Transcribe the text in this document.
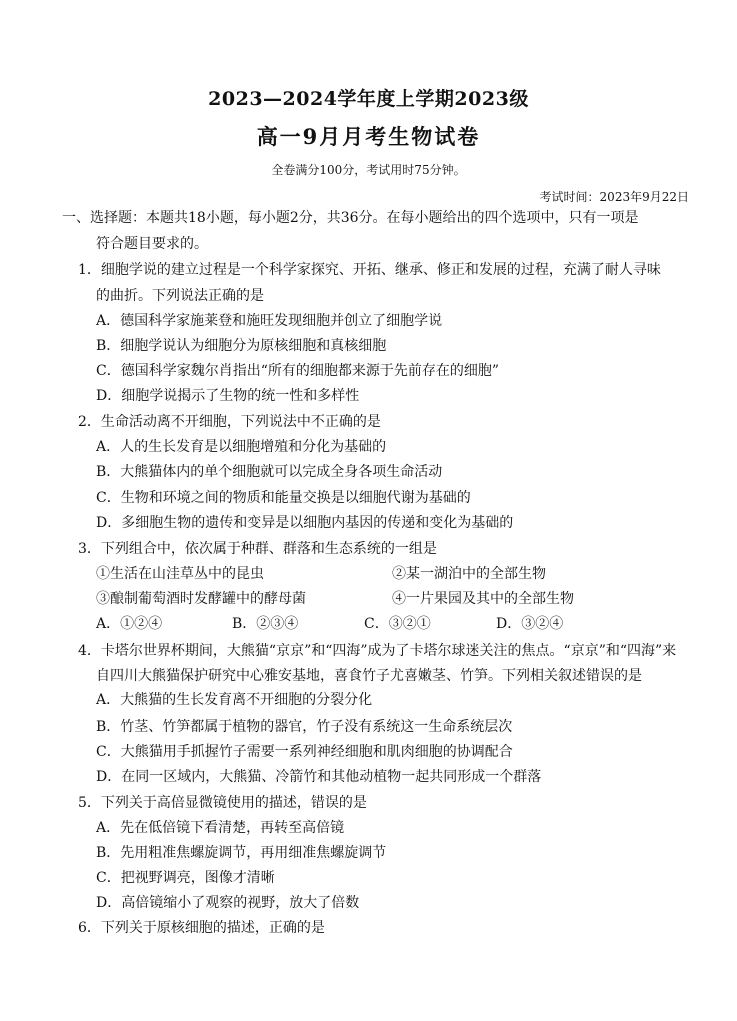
2023—2024学年度上学期2023级
高一9月月考生物试卷
全卷满分100分，考试用时75分钟。
考试时间：2023年9月22日
一、选择题：本题共18小题，每小题2分，共36分。在每小题给出的四个选项中，只有一项是
符合题目要求的。
1．细胞学说的建立过程是一个科学家探究、开拓、继承、修正和发展的过程，充满了耐人寻味
的曲折。下列说法正确的是
A．德国科学家施莱登和施旺发现细胞并创立了细胞学说
B．细胞学说认为细胞分为原核细胞和真核细胞
C．德国科学家魏尔肖指出“所有的细胞都来源于先前存在的细胞”
D．细胞学说揭示了生物的统一性和多样性
2．生命活动离不开细胞，下列说法中不正确的是
A．人的生长发育是以细胞增殖和分化为基础的
B．大熊猫体内的单个细胞就可以完成全身各项生命活动
C．生物和环境之间的物质和能量交换是以细胞代谢为基础的
D．多细胞生物的遗传和变异是以细胞内基因的传递和变化为基础的
3．下列组合中，依次属于种群、群落和生态系统的一组是
①生活在山洼草丛中的昆虫	②某一湖泊中的全部生物
③酿制葡萄酒时发酵罐中的酵母菌	④一片果园及其中的全部生物
A．①②④	B．②③④	C．③②①	D．③②④
4．卡塔尔世界杯期间，大熊猫“京京”和“四海”成为了卡塔尔球迷关注的焦点。“京京”和“四海”来
自四川大熊猫保护研究中心雅安基地，喜食竹子尤喜嫩茎、竹笋。下列相关叙述错误的是
A．大熊猫的生长发育离不开细胞的分裂分化
B．竹茎、竹笋都属于植物的器官，竹子没有系统这一生命系统层次
C．大熊猫用手抓握竹子需要一系列神经细胞和肌肉细胞的协调配合
D．在同一区域内，大熊猫、冷箭竹和其他动植物一起共同形成一个群落
5．下列关于高倍显微镜使用的描述，错误的是
A．先在低倍镜下看清楚，再转至高倍镜
B．先用粗准焦螺旋调节，再用细准焦螺旋调节
C．把视野调亮，图像才清晰
D．高倍镜缩小了观察的视野，放大了倍数
6．下列关于原核细胞的描述，正确的是
